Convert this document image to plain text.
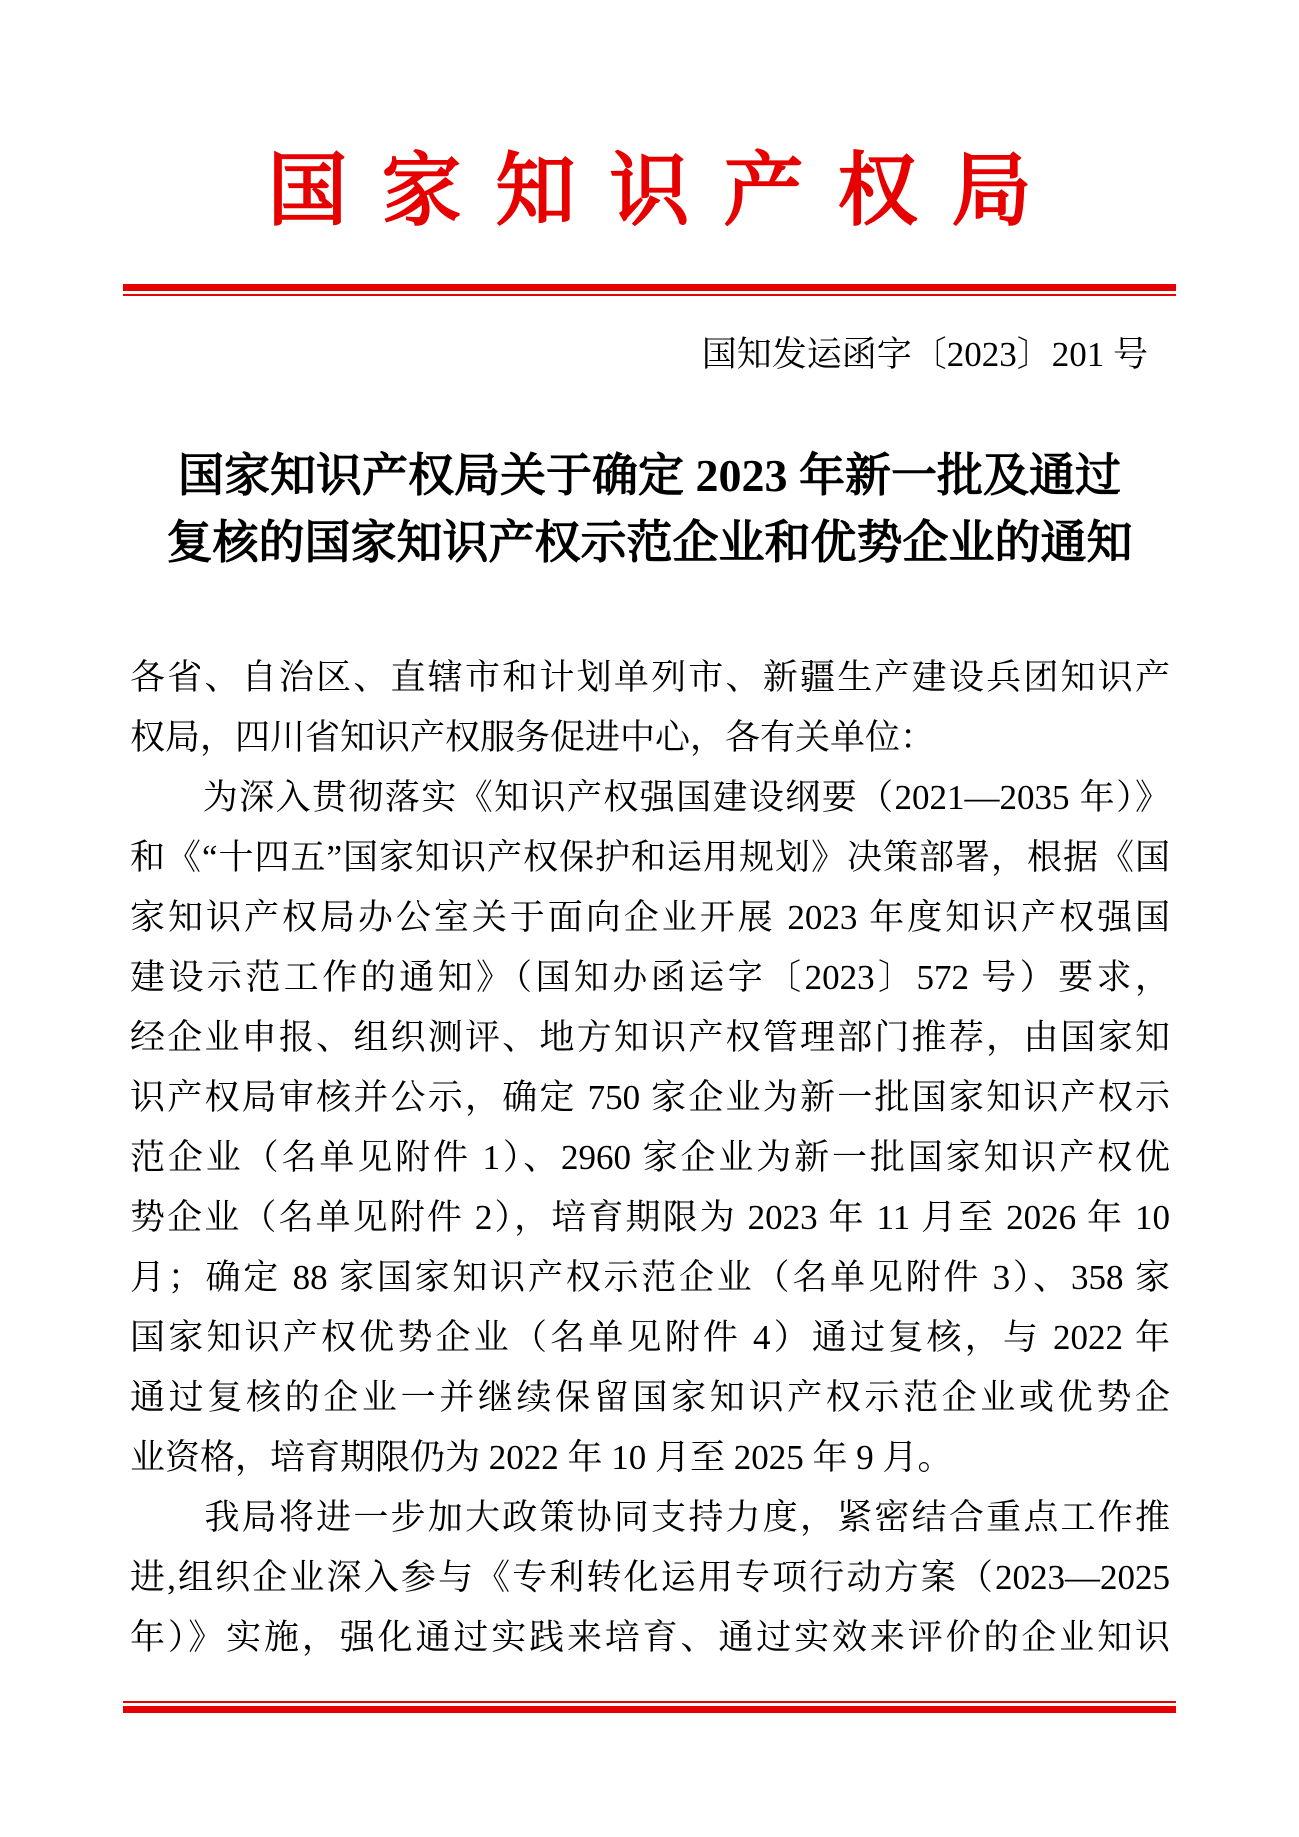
国家知识产权局
国知发运函字〔2023〕201 号
国家知识产权局关于确定 2023 年新一批及通过
复核的国家知识产权示范企业和优势企业的通知
各省、自治区、直辖市和计划单列市、新疆生产建设兵团知识产
权局，四川省知识产权服务促进中心，各有关单位：
　　为深入贯彻落实《知识产权强国建设纲要（2021—2035 年）》
和《“十四五”国家知识产权保护和运用规划》决策部署，根据《国
家知识产权局办公室关于面向企业开展 2023 年度知识产权强国
建设示范工作的通知》（国知办函运字〔2023〕572 号）要求，
经企业申报、组织测评、地方知识产权管理部门推荐，由国家知
识产权局审核并公示，确定 750 家企业为新一批国家知识产权示
范企业（名单见附件 1）、2960 家企业为新一批国家知识产权优
势企业（名单见附件 2），培育期限为 2023 年 11 月至 2026 年 10
月；确定 88 家国家知识产权示范企业（名单见附件 3）、358 家
国家知识产权优势企业（名单见附件 4）通过复核，与 2022 年
通过复核的企业一并继续保留国家知识产权示范企业或优势企
业资格，培育期限仍为 2022 年 10 月至 2025 年 9 月。
　　我局将进一步加大政策协同支持力度，紧密结合重点工作推
进,组织企业深入参与《专利转化运用专项行动方案（2023—2025
年）》实施，强化通过实践来培育、通过实效来评价的企业知识
